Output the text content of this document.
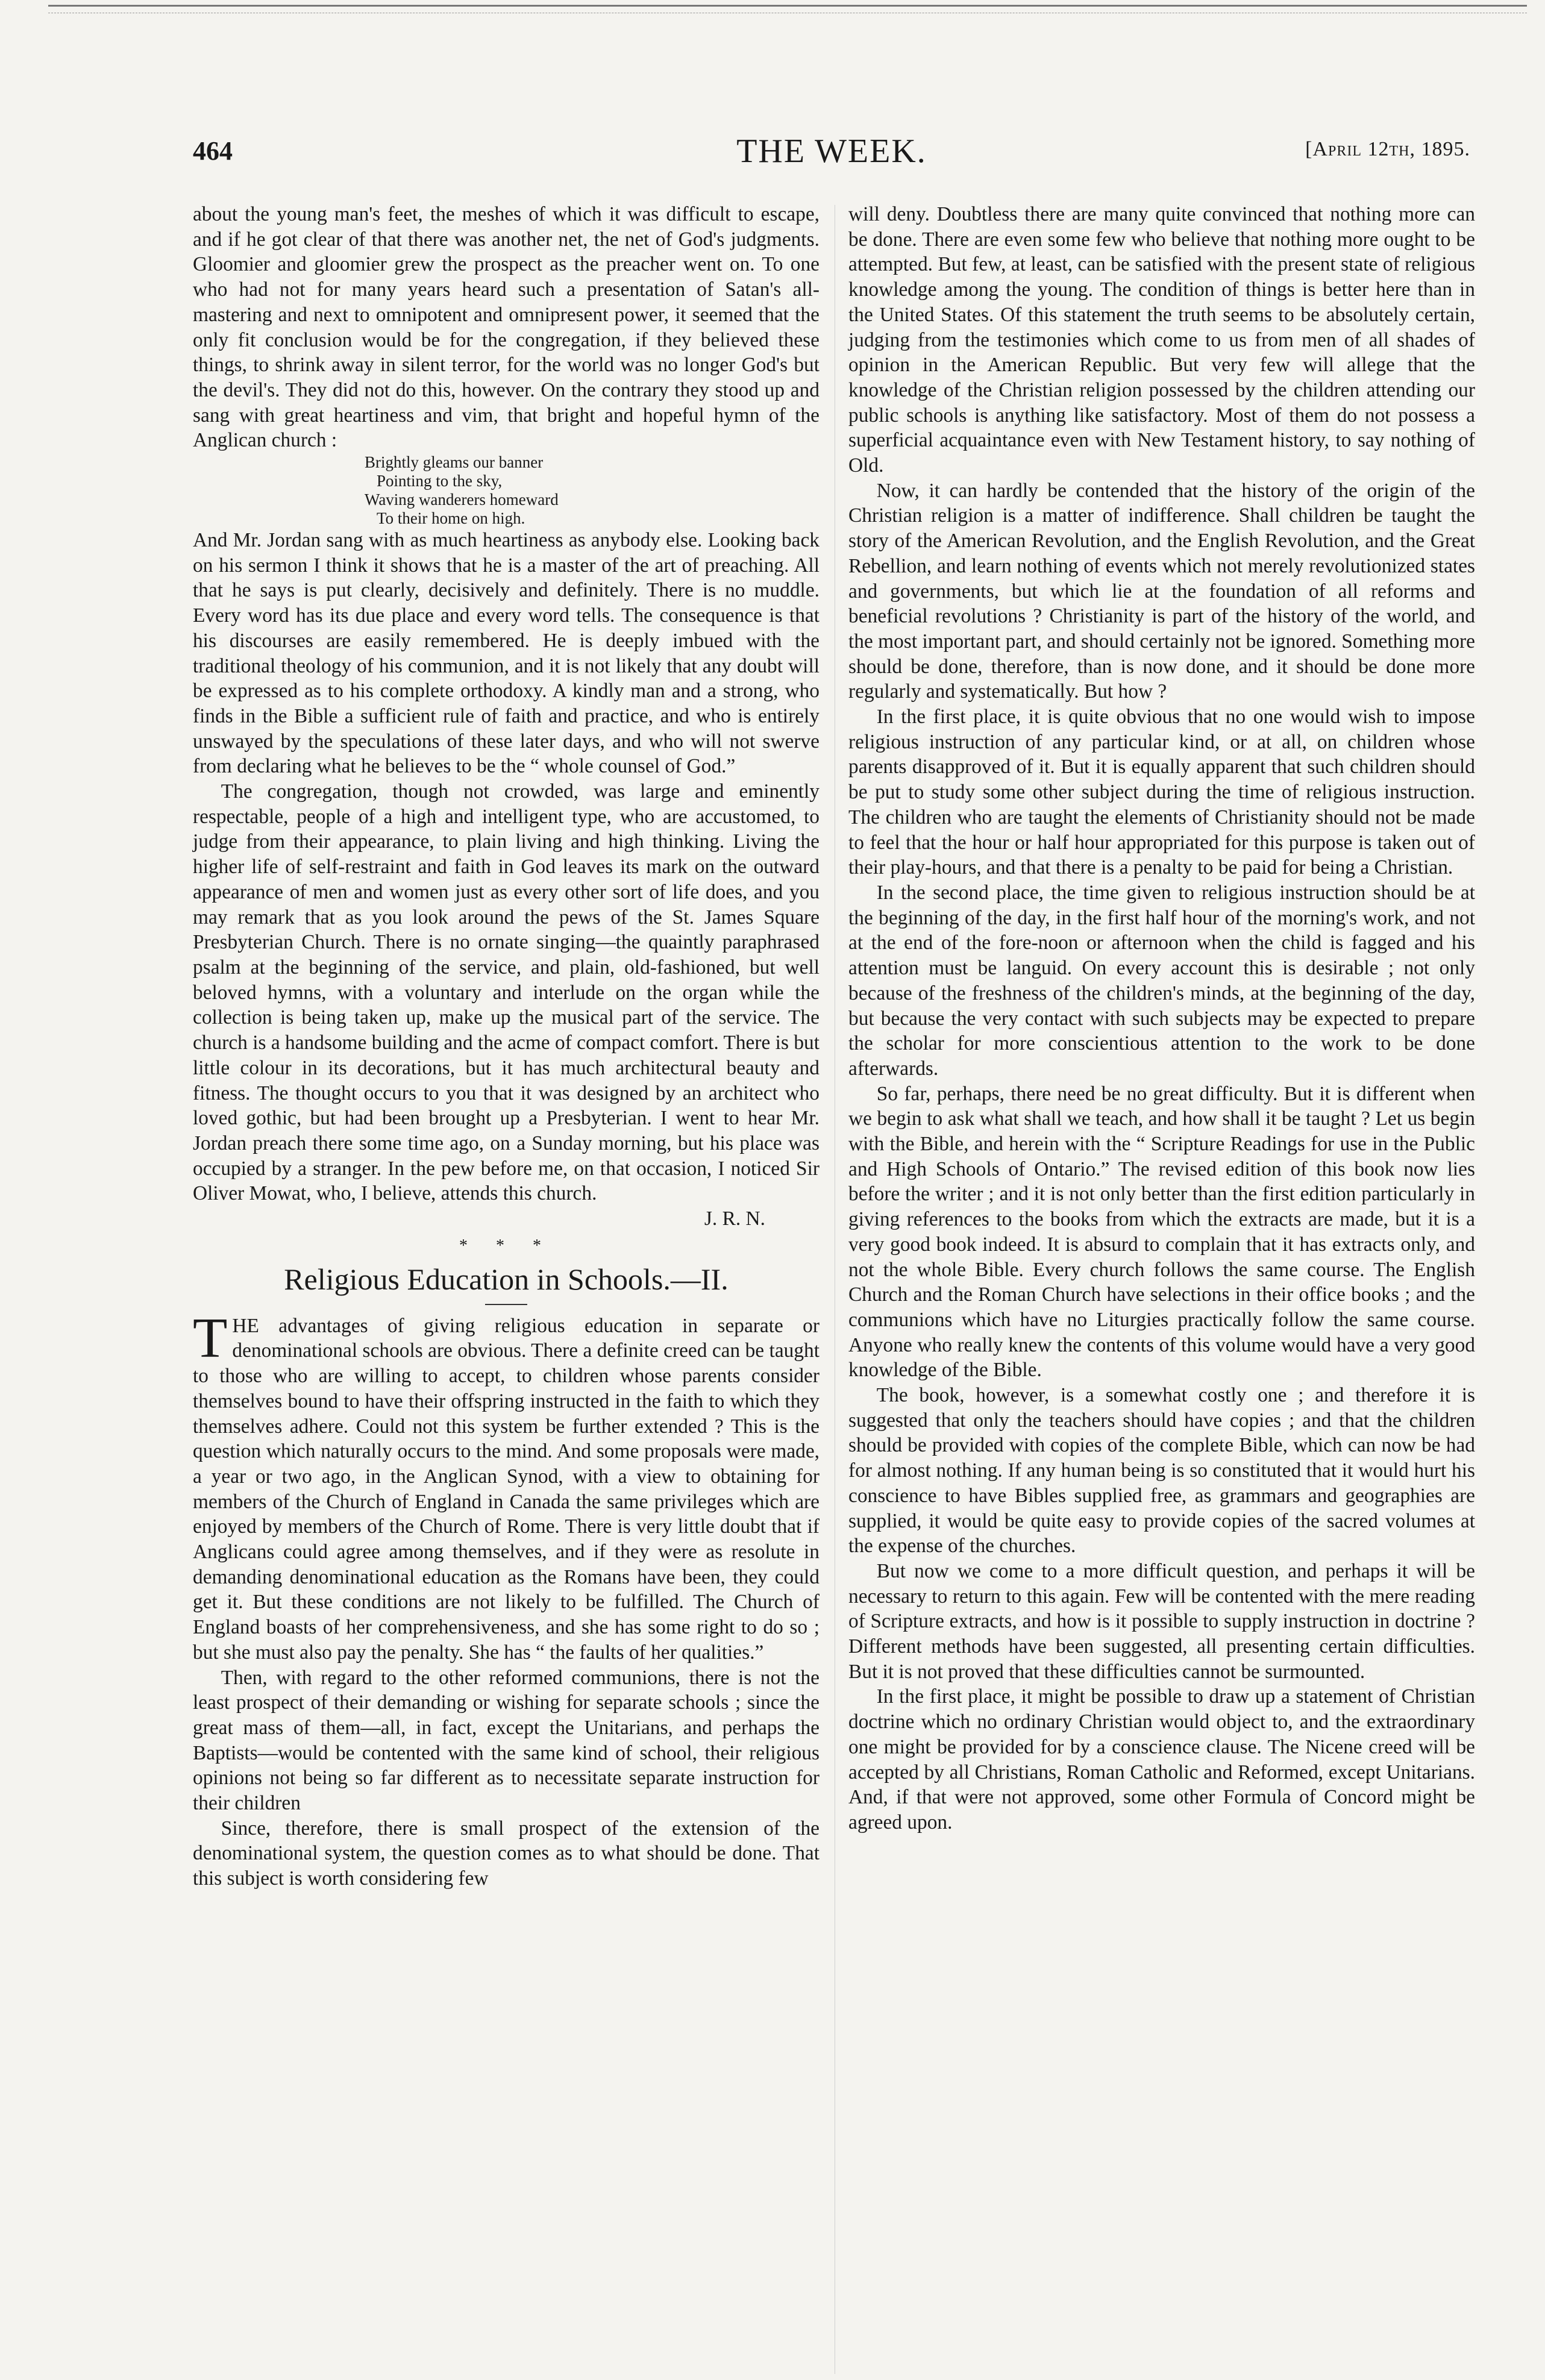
464	THE WEEK.	[April 12th, 1895.

about the young man's feet, the meshes of which it was difficult to escape, and if he got clear of that there was another net, the net of God's judgments. Gloomier and gloomier grew the prospect as the preacher went on. To one who had not for many years heard such a presentation of Satan's all-mastering and next to omnipotent and omnipresent power, it seemed that the only fit conclusion would be for the congregation, if they believed these things, to shrink away in silent terror, for the world was no longer God's but the devil's. They did not do this, however. On the contrary they stood up and sang with great heartiness and vim, that bright and hopeful hymn of the Anglican church :

Brightly gleams our banner
Pointing to the sky,
Waving wanderers homeward
To their home on high.

And Mr. Jordan sang with as much heartiness as anybody else. Looking back on his sermon I think it shows that he is a master of the art of preaching. All that he says is put clearly, decisively and definitely. There is no muddle. Every word has its due place and every word tells. The consequence is that his discourses are easily remembered. He is deeply imbued with the traditional theology of his communion, and it is not likely that any doubt will be expressed as to his complete orthodoxy. A kindly man and a strong, who finds in the Bible a sufficient rule of faith and practice, and who is entirely unswayed by the speculations of these later days, and who will not swerve from declaring what he believes to be the “ whole counsel of God.”

The congregation, though not crowded, was large and eminently respectable, people of a high and intelligent type, who are accustomed, to judge from their appearance, to plain living and high thinking. Living the higher life of self-restraint and faith in God leaves its mark on the outward appearance of men and women just as every other sort of life does, and you may remark that as you look around the pews of the St. James Square Presbyterian Church. There is no ornate singing—the quaintly paraphrased psalm at the beginning of the service, and plain, old-fashioned, but well beloved hymns, with a voluntary and interlude on the organ while the collection is being taken up, make up the musical part of the service. The church is a handsome building and the acme of compact comfort. There is but little colour in its decorations, but it has much architectural beauty and fitness. The thought occurs to you that it was designed by an architect who loved gothic, but had been brought up a Presbyterian. I went to hear Mr. Jordan preach there some time ago, on a Sunday morning, but his place was occupied by a stranger. In the pew before me, on that occasion, I noticed Sir Oliver Mowat, who, I believe, attends this church.

J. R. N.
* * *
Religious Education in Schools.—II.

THE advantages of giving religious education in separate or denominational schools are obvious. There a definite creed can be taught to those who are willing to accept, to children whose parents consider themselves bound to have their offspring instructed in the faith to which they themselves adhere. Could not this system be further extended ? This is the question which naturally occurs to the mind. And some proposals were made, a year or two ago, in the Anglican Synod, with a view to obtaining for members of the Church of England in Canada the same privileges which are enjoyed by members of the Church of Rome. There is very little doubt that if Anglicans could agree among themselves, and if they were as resolute in demanding denominational education as the Romans have been, they could get it. But these conditions are not likely to be fulfilled. The Church of England boasts of her comprehensiveness, and she has some right to do so ; but she must also pay the penalty. She has “ the faults of her qualities.”

Then, with regard to the other reformed communions, there is not the least prospect of their demanding or wishing for separate schools ; since the great mass of them—all, in fact, except the Unitarians, and perhaps the Baptists—would be contented with the same kind of school, their religious opinions not being so far different as to necessitate separate instruction for their children

Since, therefore, there is small prospect of the extension of the denominational system, the question comes as to what should be done. That this subject is worth considering few

will deny. Doubtless there are many quite convinced that nothing more can be done. There are even some few who believe that nothing more ought to be attempted. But few, at least, can be satisfied with the present state of religious knowledge among the young. The condition of things is better here than in the United States. Of this statement the truth seems to be absolutely certain, judging from the testimonies which come to us from men of all shades of opinion in the American Republic. But very few will allege that the knowledge of the Christian religion possessed by the children attending our public schools is anything like satisfactory. Most of them do not possess a superficial acquaintance even with New Testament history, to say nothing of Old.

Now, it can hardly be contended that the history of the origin of the Christian religion is a matter of indifference. Shall children be taught the story of the American Revolution, and the English Revolution, and the Great Rebellion, and learn nothing of events which not merely revolutionized states and governments, but which lie at the foundation of all reforms and beneficial revolutions ? Christianity is part of the history of the world, and the most important part, and should certainly not be ignored. Something more should be done, therefore, than is now done, and it should be done more regularly and systematically. But how ?

In the first place, it is quite obvious that no one would wish to impose religious instruction of any particular kind, or at all, on children whose parents disapproved of it. But it is equally apparent that such children should be put to study some other subject during the time of religious instruction. The children who are taught the elements of Christianity should not be made to feel that the hour or half hour appropriated for this purpose is taken out of their play-hours, and that there is a penalty to be paid for being a Christian.

In the second place, the time given to religious instruction should be at the beginning of the day, in the first half hour of the morning's work, and not at the end of the fore-noon or afternoon when the child is fagged and his attention must be languid. On every account this is desirable ; not only because of the freshness of the children's minds, at the beginning of the day, but because the very contact with such subjects may be expected to prepare the scholar for more conscientious attention to the work to be done afterwards.

So far, perhaps, there need be no great difficulty. But it is different when we begin to ask what shall we teach, and how shall it be taught ? Let us begin with the Bible, and herein with the “ Scripture Readings for use in the Public and High Schools of Ontario.” The revised edition of this book now lies before the writer ; and it is not only better than the first edition particularly in giving references to the books from which the extracts are made, but it is a very good book indeed. It is absurd to complain that it has extracts only, and not the whole Bible. Every church follows the same course. The English Church and the Roman Church have selections in their office books ; and the communions which have no Liturgies practically follow the same course. Anyone who really knew the contents of this volume would have a very good knowledge of the Bible.

The book, however, is a somewhat costly one ; and therefore it is suggested that only the teachers should have copies ; and that the children should be provided with copies of the complete Bible, which can now be had for almost nothing. If any human being is so constituted that it would hurt his conscience to have Bibles supplied free, as grammars and geographies are supplied, it would be quite easy to provide copies of the sacred volumes at the expense of the churches.

But now we come to a more difficult question, and perhaps it will be necessary to return to this again. Few will be contented with the mere reading of Scripture extracts, and how is it possible to supply instruction in doctrine ? Different methods have been suggested, all presenting certain difficulties. But it is not proved that these difficulties cannot be surmounted.

In the first place, it might be possible to draw up a statement of Christian doctrine which no ordinary Christian would object to, and the extraordinary one might be provided for by a conscience clause. The Nicene creed will be accepted by all Christians, Roman Catholic and Reformed, except Unitarians. And, if that were not approved, some other Formula of Concord might be agreed upon.
